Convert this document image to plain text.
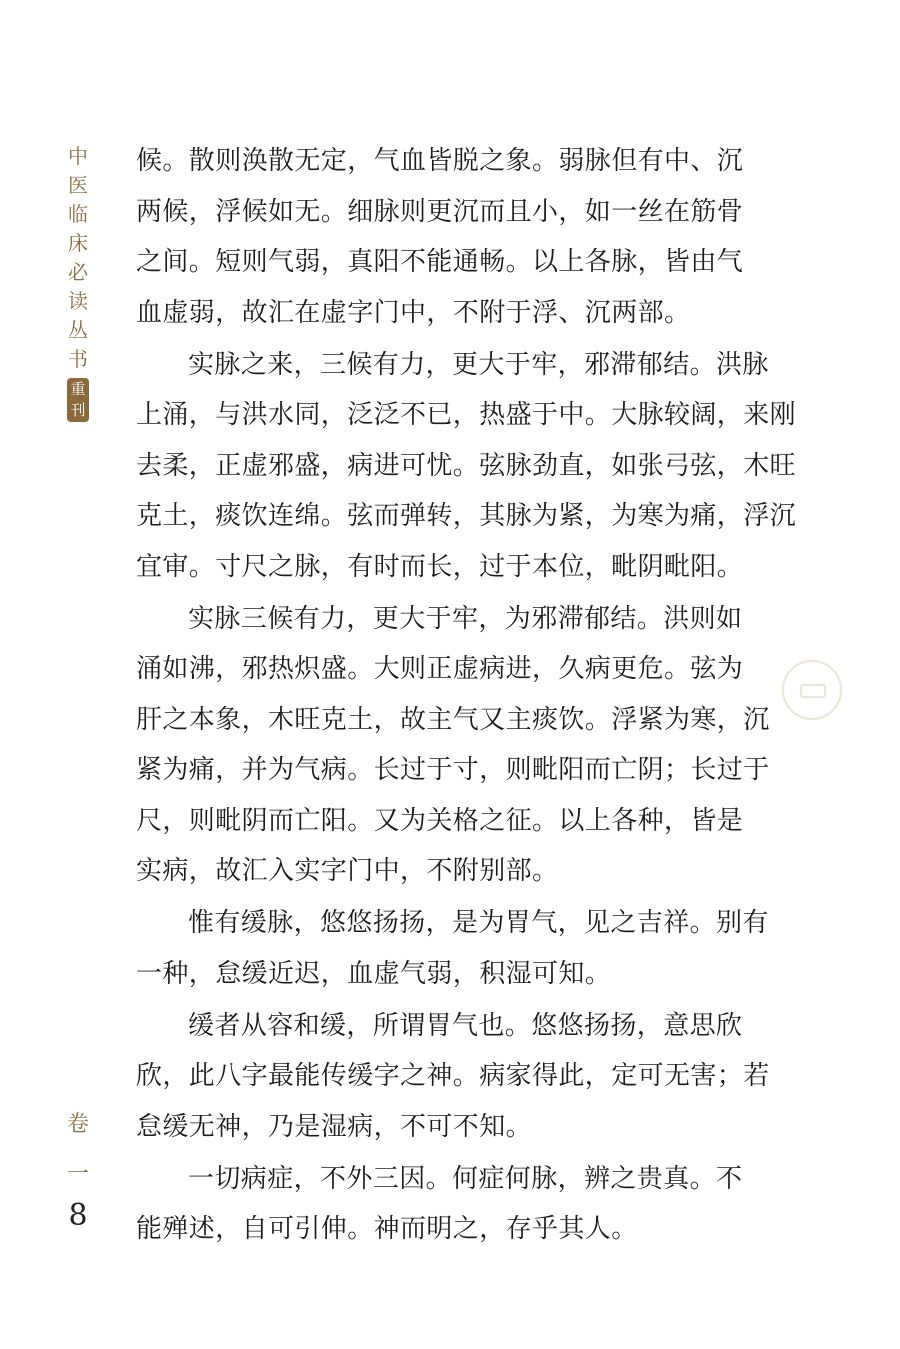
中
医
临
床
必
读
丛
书
重
刊
卷
一
8

候。散则涣散无定，气血皆脱之象。弱脉但有中、沉
两候，浮候如无。细脉则更沉而且小，如一丝在筋骨
之间。短则气弱，真阳不能通畅。以上各脉，皆由气
血虚弱，故汇在虚字门中，不附于浮、沉两部。

实脉之来，三候有力，更大于牢，邪滞郁结。洪脉
上涌，与洪水同，泛泛不已，热盛于中。大脉较阔，来刚
去柔，正虚邪盛，病进可忧。弦脉劲直，如张弓弦，木旺
克土，痰饮连绵。弦而弹转，其脉为紧，为寒为痛，浮沉
宜审。寸尺之脉，有时而长，过于本位，毗阴毗阳。

实脉三候有力，更大于牢，为邪滞郁结。洪则如
涌如沸，邪热炽盛。大则正虚病进，久病更危。弦为
肝之本象，木旺克土，故主气又主痰饮。浮紧为寒，沉
紧为痛，并为气病。长过于寸，则毗阳而亡阴；长过于
尺，则毗阴而亡阳。又为关格之征。以上各种，皆是
实病，故汇入实字门中，不附别部。

惟有缓脉，悠悠扬扬，是为胃气，见之吉祥。别有
一种，怠缓近迟，血虚气弱，积湿可知。

缓者从容和缓，所谓胃气也。悠悠扬扬，意思欣
欣，此八字最能传缓字之神。病家得此，定可无害；若
怠缓无神，乃是湿病，不可不知。

一切病症，不外三因。何症何脉，辨之贵真。不
能殚述，自可引伸。神而明之，存乎其人。
